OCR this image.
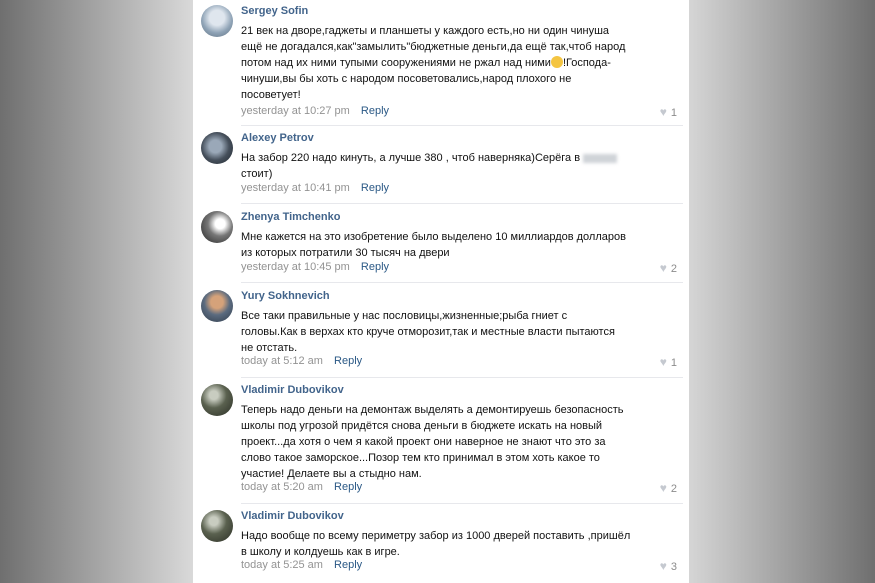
Sergey Sofin
21 век на дворе,гаджеты и планшеты у каждого есть,но ни один чинуша
ещё не догадался,как"замылить"бюджетные деньги,да ещё так,чтоб народ
потом над их ними тупыми сооружениями не ржал над ними !Господа-
чинуши,вы бы хоть с народом посоветовались,народ плохого не
посоветует!
yesterday at 10:27 pm Reply	♥ 1
Alexey Petrov
На забор 220 надо кинуть, а лучше 380 , чтоб наверняка)Серёга в
стоит)
yesterday at 10:41 pm Reply
Zhenya Timchenko
Мне кажется на это изобретение было выделено 10 миллиардов долларов
из которых потратили 30 тысяч на двери
yesterday at 10:45 pm Reply	♥ 2
Yury Sokhnevich
Все таки правильные у нас пословицы,жизненные;рыба гниет с
головы.Как в верхах кто круче отморозит,так и местные власти пытаются
не отстать.
today at 5:12 am Reply	♥ 1
Vladimir Dubovikov
Теперь надо деньги на демонтаж выделять а демонтируешь безопасность
школы под угрозой придётся снова деньги в бюджете искать на новый
проект...да хотя о чем я какой проект они наверное не знают что это за
слово такое заморское...Позор тем кто принимал в этом хоть какое то
участие! Делаете вы а стыдно нам.
today at 5:20 am Reply	♥ 2
Vladimir Dubovikov
Надо вообще по всему периметру забор из 1000 дверей поставить ,пришёл
в школу и колдуешь как в игре.
today at 5:25 am Reply	♥ 3
